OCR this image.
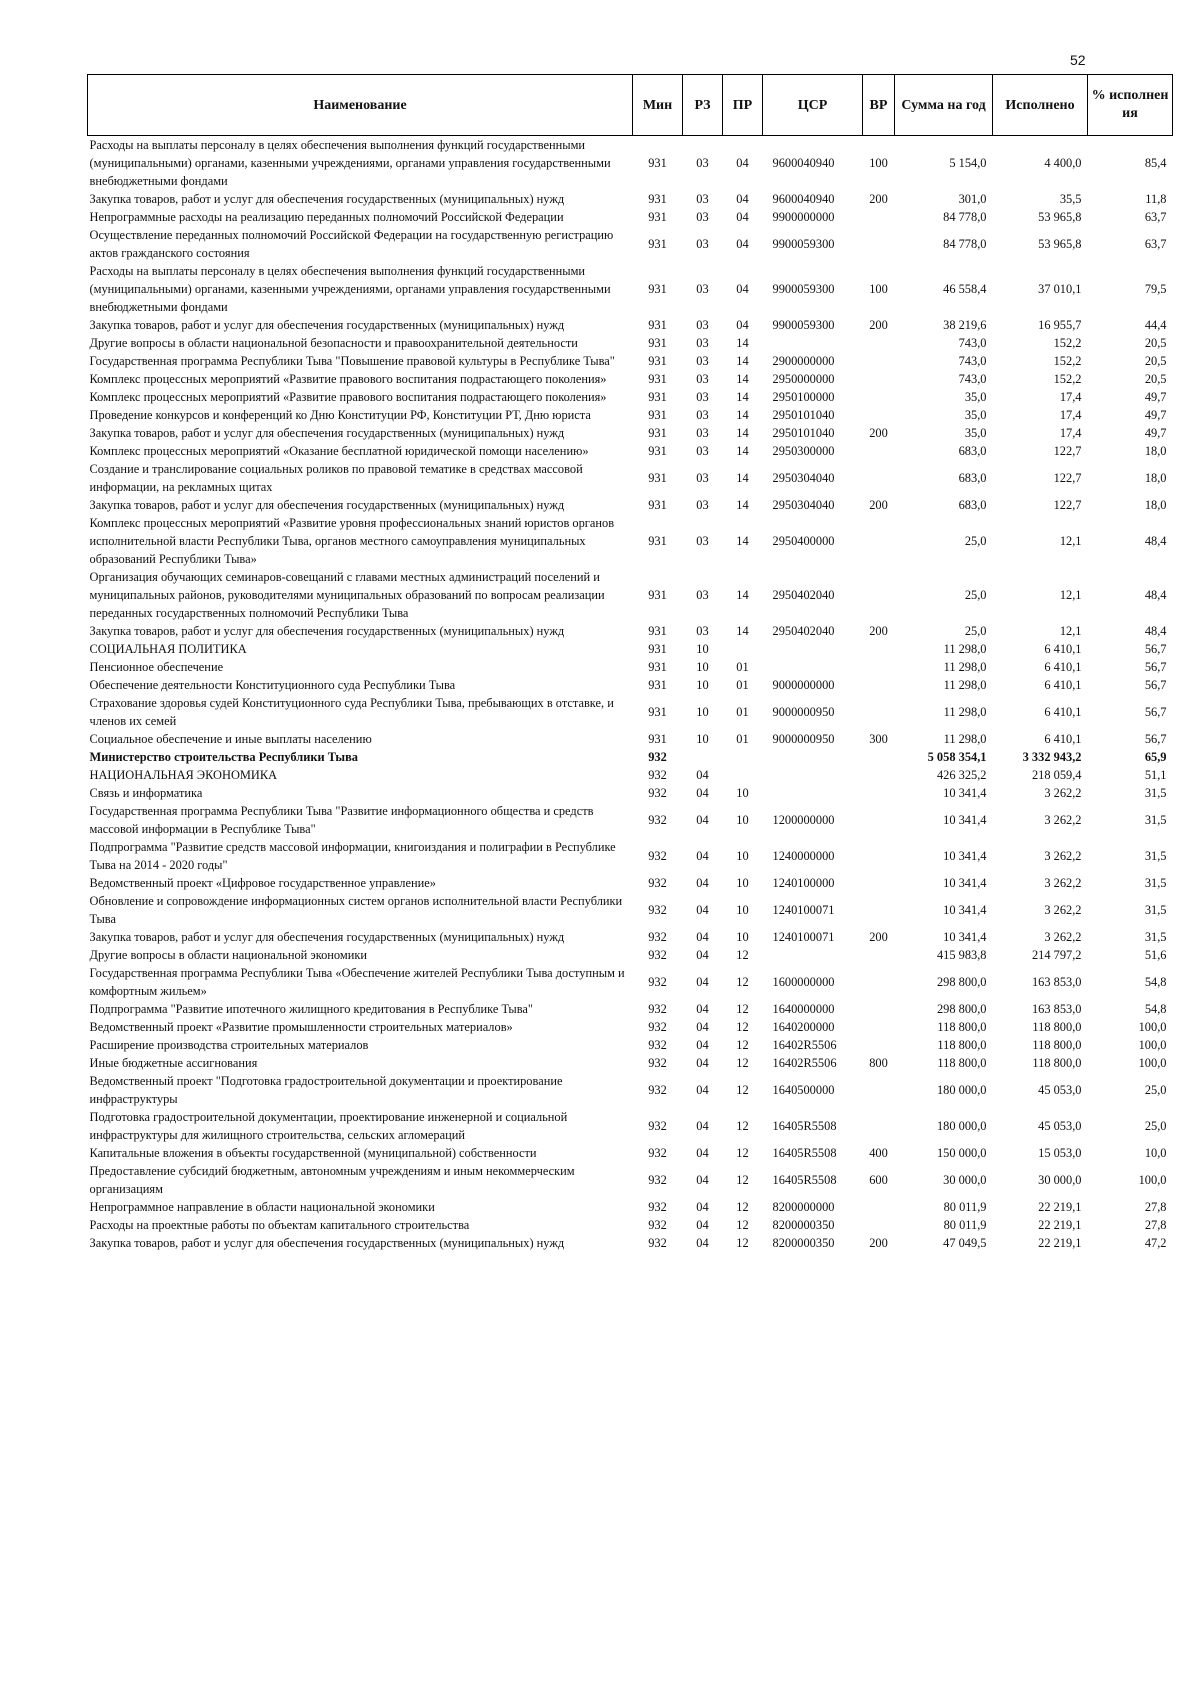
52
Наименование	Мин	РЗ	ПР	ЦСР	ВР	Сумма на год	Исполнено	% исполнения
Расходы на выплаты персоналу в целях обеспечения выполнения функций государственными (муниципальными) органами, казенными учреждениями, органами управления государственными внебюджетными фондами	931	03	04	9600040940	100	5 154,0	4 400,0	85,4
Закупка товаров, работ и услуг для обеспечения государственных (муниципальных) нужд	931	03	04	9600040940	200	301,0	35,5	11,8
Непрограммные расходы на реализацию переданных полномочий Российской Федерации	931	03	04	9900000000		84 778,0	53 965,8	63,7
Осуществление переданных полномочий Российской Федерации на государственную регистрацию актов гражданского состояния	931	03	04	9900059300		84 778,0	53 965,8	63,7
Расходы на выплаты персоналу в целях обеспечения выполнения функций государственными (муниципальными) органами, казенными учреждениями, органами управления государственными внебюджетными фондами	931	03	04	9900059300	100	46 558,4	37 010,1	79,5
Закупка товаров, работ и услуг для обеспечения государственных (муниципальных) нужд	931	03	04	9900059300	200	38 219,6	16 955,7	44,4
Другие вопросы в области национальной безопасности и правоохранительной деятельности	931	03	14			743,0	152,2	20,5
Государственная программа Республики Тыва "Повышение правовой культуры в Республике Тыва"	931	03	14	2900000000		743,0	152,2	20,5
Комплекс процессных мероприятий «Развитие правового воспитания подрастающего поколения»	931	03	14	2950000000		743,0	152,2	20,5
Комплекс процессных мероприятий «Развитие правового воспитания подрастающего поколения»	931	03	14	2950100000		35,0	17,4	49,7
Проведение конкурсов и конференций ко Дню Конституции РФ, Конституции РТ, Дню юриста	931	03	14	2950101040		35,0	17,4	49,7
Закупка товаров, работ и услуг для обеспечения государственных (муниципальных) нужд	931	03	14	2950101040	200	35,0	17,4	49,7
Комплекс процессных мероприятий «Оказание бесплатной юридической помощи населению»	931	03	14	2950300000		683,0	122,7	18,0
Создание и транслирование социальных роликов по правовой тематике в средствах массовой информации, на рекламных щитах	931	03	14	2950304040		683,0	122,7	18,0
Закупка товаров, работ и услуг для обеспечения государственных (муниципальных) нужд	931	03	14	2950304040	200	683,0	122,7	18,0
Комплекс процессных мероприятий «Развитие уровня профессиональных знаний юристов органов исполнительной власти Республики Тыва, органов местного самоуправления муниципальных образований Республики Тыва»	931	03	14	2950400000		25,0	12,1	48,4
Организация обучающих семинаров-совещаний с главами местных администраций поселений и муниципальных районов, руководителями муниципальных образований по вопросам реализации переданных государственных полномочий Республики Тыва	931	03	14	2950402040		25,0	12,1	48,4
Закупка товаров, работ и услуг для обеспечения государственных (муниципальных) нужд	931	03	14	2950402040	200	25,0	12,1	48,4
СОЦИАЛЬНАЯ ПОЛИТИКА	931	10				11 298,0	6 410,1	56,7
Пенсионное обеспечение	931	10	01			11 298,0	6 410,1	56,7
Обеспечение деятельности Конституционного суда Республики Тыва	931	10	01	9000000000		11 298,0	6 410,1	56,7
Страхование здоровья судей Конституционного суда Республики Тыва, пребывающих в отставке, и членов их семей	931	10	01	9000000950		11 298,0	6 410,1	56,7
Социальное обеспечение и иные выплаты населению	931	10	01	9000000950	300	11 298,0	6 410,1	56,7
Министерство строительства Республики Тыва	932					5 058 354,1	3 332 943,2	65,9
НАЦИОНАЛЬНАЯ ЭКОНОМИКА	932	04				426 325,2	218 059,4	51,1
Связь и информатика	932	04	10			10 341,4	3 262,2	31,5
Государственная программа Республики Тыва "Развитие информационного общества и средств массовой информации в Республике Тыва"	932	04	10	1200000000		10 341,4	3 262,2	31,5
Подпрограмма "Развитие средств массовой информации, книгоиздания и полиграфии в Республике Тыва на 2014 - 2020 годы"	932	04	10	1240000000		10 341,4	3 262,2	31,5
Ведомственный проект «Цифровое государственное управление»	932	04	10	1240100000		10 341,4	3 262,2	31,5
Обновление и сопровождение информационных систем органов исполнительной власти Республики Тыва	932	04	10	1240100071		10 341,4	3 262,2	31,5
Закупка товаров, работ и услуг для обеспечения государственных (муниципальных) нужд	932	04	10	1240100071	200	10 341,4	3 262,2	31,5
Другие вопросы в области национальной экономики	932	04	12			415 983,8	214 797,2	51,6
Государственная программа Республики Тыва «Обеспечение жителей Республики Тыва доступным и комфортным жильем»	932	04	12	1600000000		298 800,0	163 853,0	54,8
Подпрограмма "Развитие ипотечного жилищного кредитования в Республике Тыва"	932	04	12	1640000000		298 800,0	163 853,0	54,8
Ведомственный проект «Развитие промышленности строительных материалов»	932	04	12	1640200000		118 800,0	118 800,0	100,0
Расширение производства строительных материалов	932	04	12	16402R5506		118 800,0	118 800,0	100,0
Иные бюджетные ассигнования	932	04	12	16402R5506	800	118 800,0	118 800,0	100,0
Ведомственный проект "Подготовка градостроительной документации и проектирование инфраструктуры	932	04	12	1640500000		180 000,0	45 053,0	25,0
Подготовка градостроительной документации, проектирование инженерной и социальной инфраструктуры для жилищного строительства, сельских агломераций	932	04	12	16405R5508		180 000,0	45 053,0	25,0
Капитальные вложения в объекты государственной (муниципальной) собственности	932	04	12	16405R5508	400	150 000,0	15 053,0	10,0
Предоставление субсидий бюджетным, автономным учреждениям и иным некоммерческим организациям	932	04	12	16405R5508	600	30 000,0	30 000,0	100,0
Непрограммное направление в области национальной экономики	932	04	12	8200000000		80 011,9	22 219,1	27,8
Расходы на проектные работы по объектам капитального строительства	932	04	12	8200000350		80 011,9	22 219,1	27,8
Закупка товаров, работ и услуг для обеспечения государственных (муниципальных) нужд	932	04	12	8200000350	200	47 049,5	22 219,1	47,2
